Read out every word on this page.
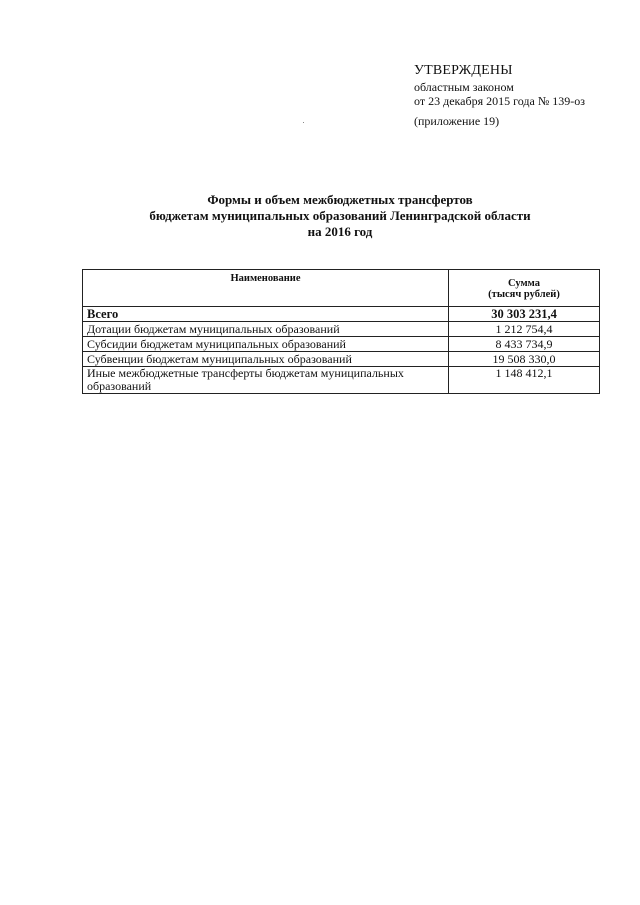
УТВЕРЖДЕНЫ
областным законом
от 23 декабря 2015 года № 139-оз
(приложение 19)
Формы и объем межбюджетных трансфертов
бюджетам муниципальных образований Ленинградской области
на 2016 год
Наименование	Сумма
(тысяч рублей)

Всего	30 303 231,4
Дотации бюджетам муниципальных образований	1 212 754,4
Субсидии бюджетам муниципальных образований	8 433 734,9
Субвенции бюджетам муниципальных образований	19 508 330,0
Иные межбюджетные трансферты бюджетам муниципальных образований	1 148 412,1
